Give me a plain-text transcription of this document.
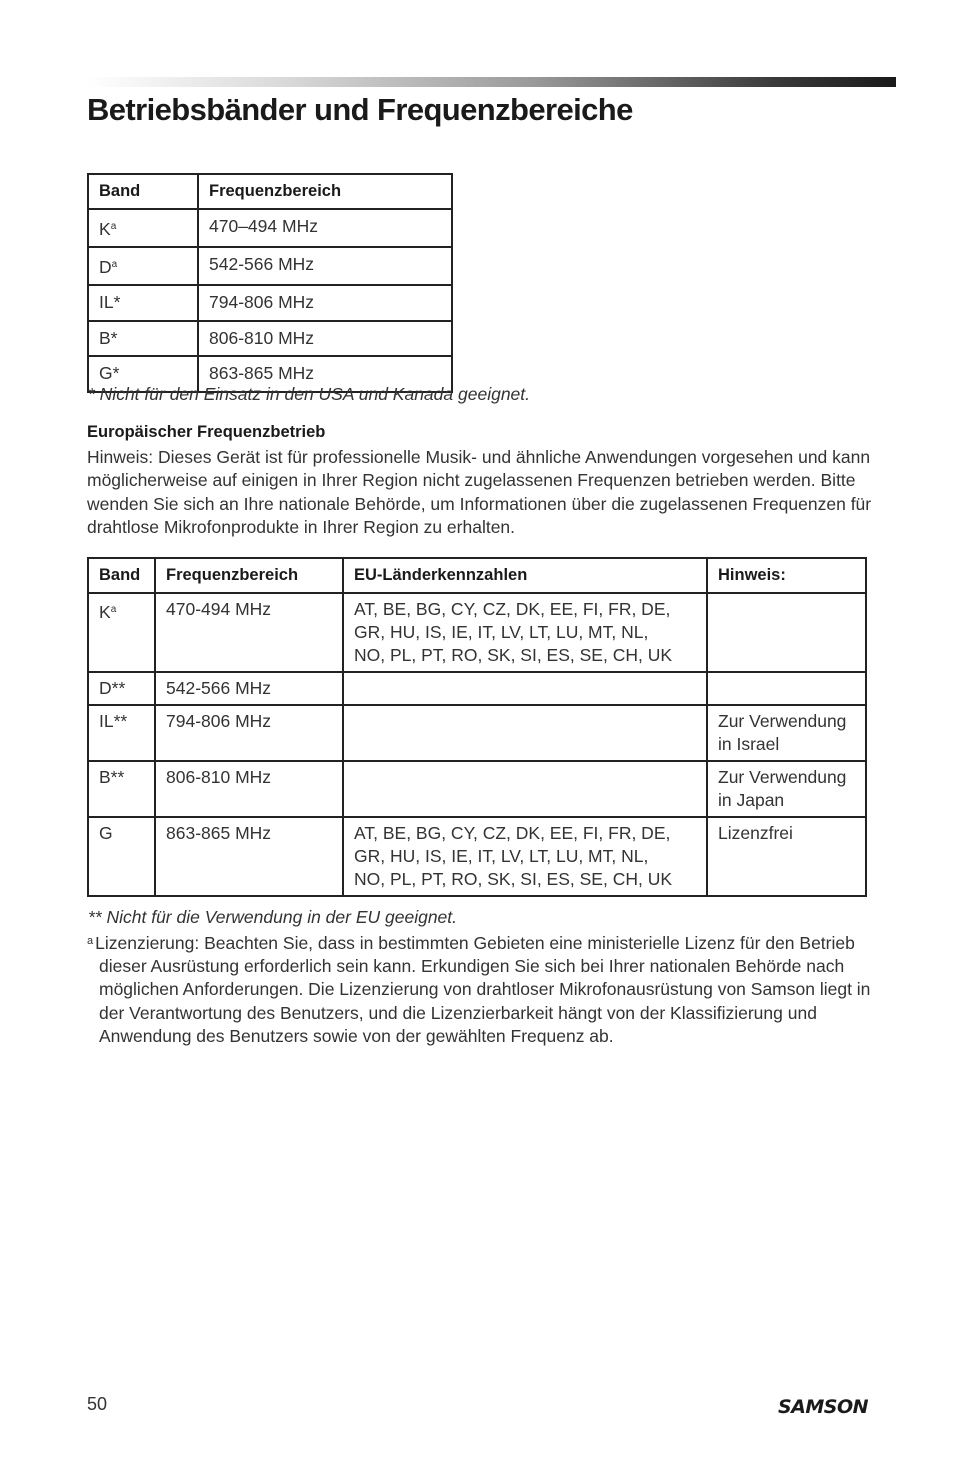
Betriebsbänder und Frequenzbereiche
Band	Frequenzbereich
$K^a$	470–494 MHz
$D^a$	542-566 MHz
IL*	794-806 MHz
B*	806-810 MHz
G*	863-865 MHz

* Nicht für den Einsatz in den USA und Kanada geeignet.

Europäischer Frequenzbetrieb

Hinweis: Dieses Gerät ist für professionelle Musik- und ähnliche Anwendungen vorgesehen und kann möglicherweise auf einigen in Ihrer Region nicht zugelassenen Frequenzen betrieben werden. Bitte wenden Sie sich an Ihre nationale Behörde, um Informationen über die zugelassenen Frequenzen für drahtlose Mikrofonprodukte in Ihrer Region zu erhalten.

Band	Frequenzbereich	EU-Länderkennzahlen	Hinweis:
$K^a$	470-494 MHz	AT, BE, BG, CY, CZ, DK, EE, FI, FR, DE,
GR, HU, IS, IE, IT, LV, LT, LU, MT, NL,
NO, PL, PT, RO, SK, SI, ES, SE, CH, UK	

D**	542-566 MHz		
IL**	794-806 MHz		Zur Verwendung
in Israel

B**	806-810 MHz		Zur Verwendung
in Japan

G	863-865 MHz	AT, BE, BG, CY, CZ, DK, EE, FI, FR, DE,
GR, HU, IS, IE, IT, LV, LT, LU, MT, NL,
NO, PL, PT, RO, SK, SI, ES, SE, CH, UK	Lizenzfrei

** Nicht für die Verwendung in der EU geeignet.

$^a$ Lizenzierung: Beachten Sie, dass in bestimmten Gebieten eine ministerielle Lizenz für den Betrieb dieser Ausrüstung erforderlich sein kann. Erkundigen Sie sich bei Ihrer nationalen Behörde nach möglichen Anforderungen. Die Lizenzierung von drahtloser Mikrofonausrüstung von Samson liegt in der Verantwortung des Benutzers, und die Lizenzierbarkeit hängt von der Klassifizierung und Anwendung des Benutzers sowie von der gewählten Frequenz ab.

50	SAMSON
